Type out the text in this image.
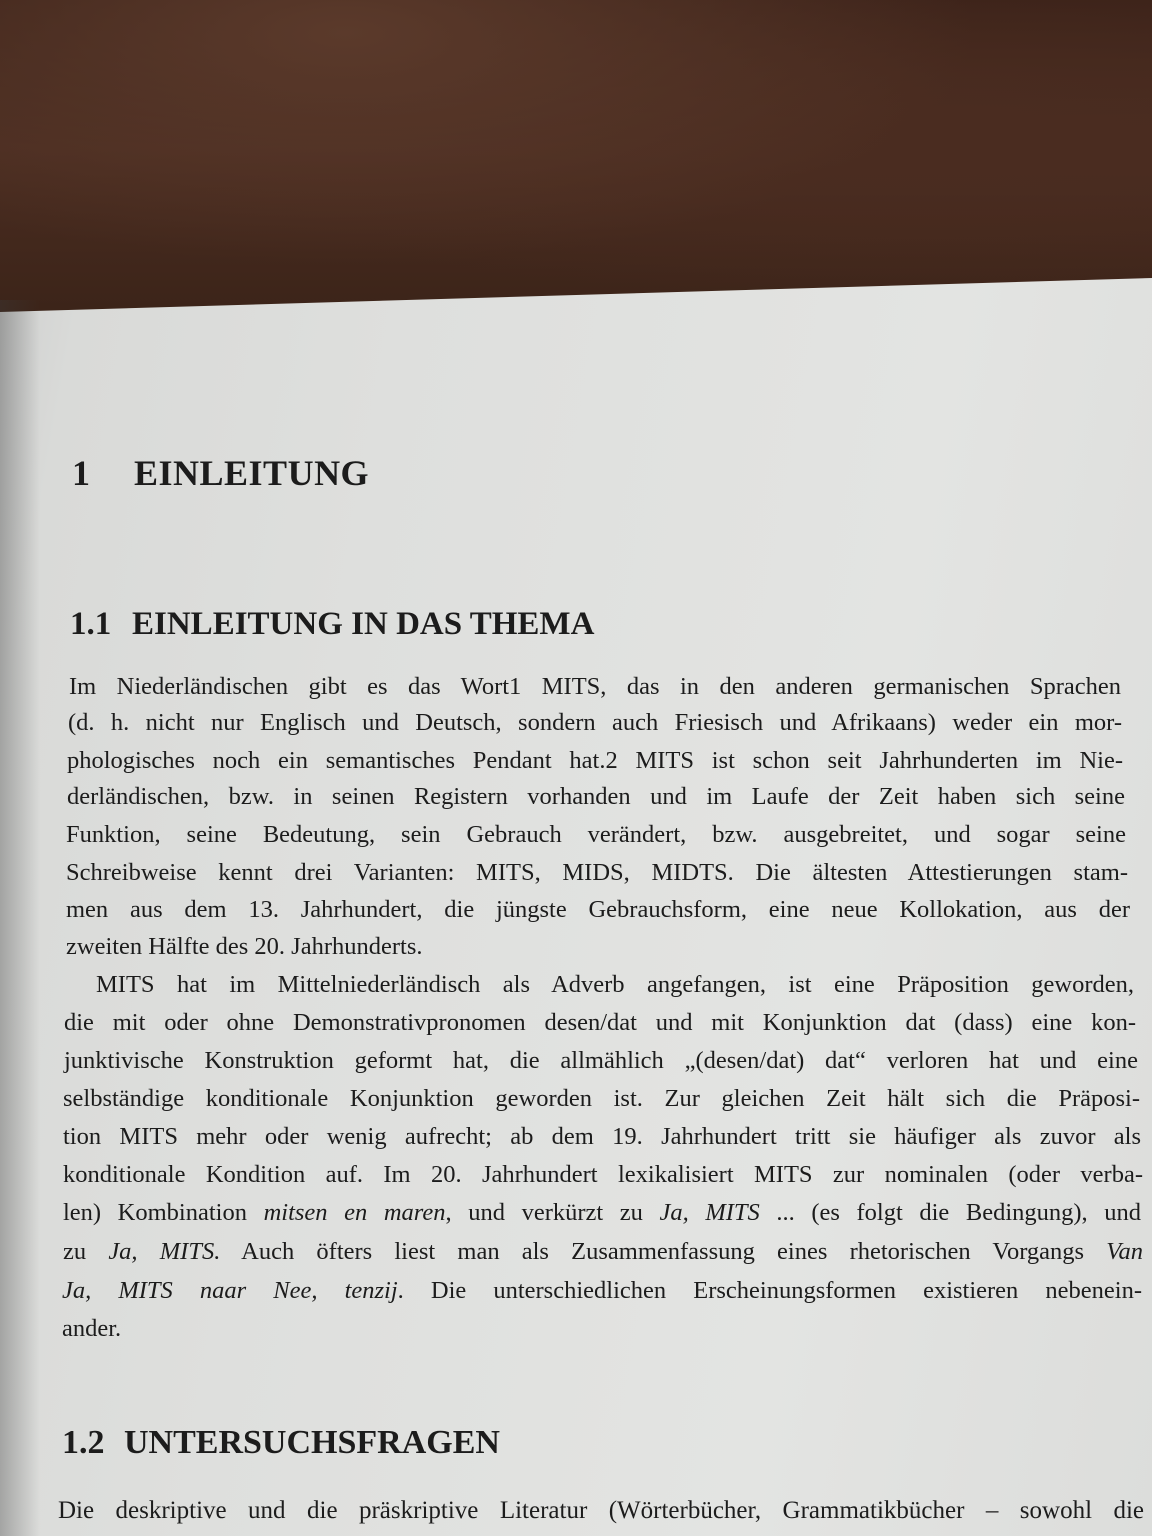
1 EINLEITUNG
1.1 EINLEITUNG IN DAS THEMA
Im Niederländischen gibt es das Wort1 MITS, das in den anderen germanischen Sprachen
(d. h. nicht nur Englisch und Deutsch, sondern auch Friesisch und Afrikaans) weder ein mor-
phologisches noch ein semantisches Pendant hat.2 MITS ist schon seit Jahrhunderten im Nie-
derländischen, bzw. in seinen Registern vorhanden und im Laufe der Zeit haben sich seine
Funktion, seine Bedeutung, sein Gebrauch verändert, bzw. ausgebreitet, und sogar seine
Schreibweise kennt drei Varianten: MITS, MIDS, MIDTS. Die ältesten Attestierungen stam-
men aus dem 13. Jahrhundert, die jüngste Gebrauchsform, eine neue Kollokation, aus der
zweiten Hälfte des 20. Jahrhunderts.
MITS hat im Mittelniederländisch als Adverb angefangen, ist eine Präposition geworden,
die mit oder ohne Demonstrativpronomen desen/dat und mit Konjunktion dat (dass) eine kon-
junktivische Konstruktion geformt hat, die allmählich „(desen/dat) dat“ verloren hat und eine
selbständige konditionale Konjunktion geworden ist. Zur gleichen Zeit hält sich die Präposi-
tion MITS mehr oder wenig aufrecht; ab dem 19. Jahrhundert tritt sie häufiger als zuvor als
konditionale Kondition auf. Im 20. Jahrhundert lexikalisiert MITS zur nominalen (oder verba-
len) Kombination mitsen en maren, und verkürzt zu Ja, MITS ... (es folgt die Bedingung), und
zu Ja, MITS. Auch öfters liest man als Zusammenfassung eines rhetorischen Vorgangs Van
Ja, MITS naar Nee, tenzij. Die unterschiedlichen Erscheinungsformen existieren nebenein-
ander.
1.2 UNTERSUCHSFRAGEN
Die deskriptive und die präskriptive Literatur (Wörterbücher, Grammatikbücher – sowohl die
